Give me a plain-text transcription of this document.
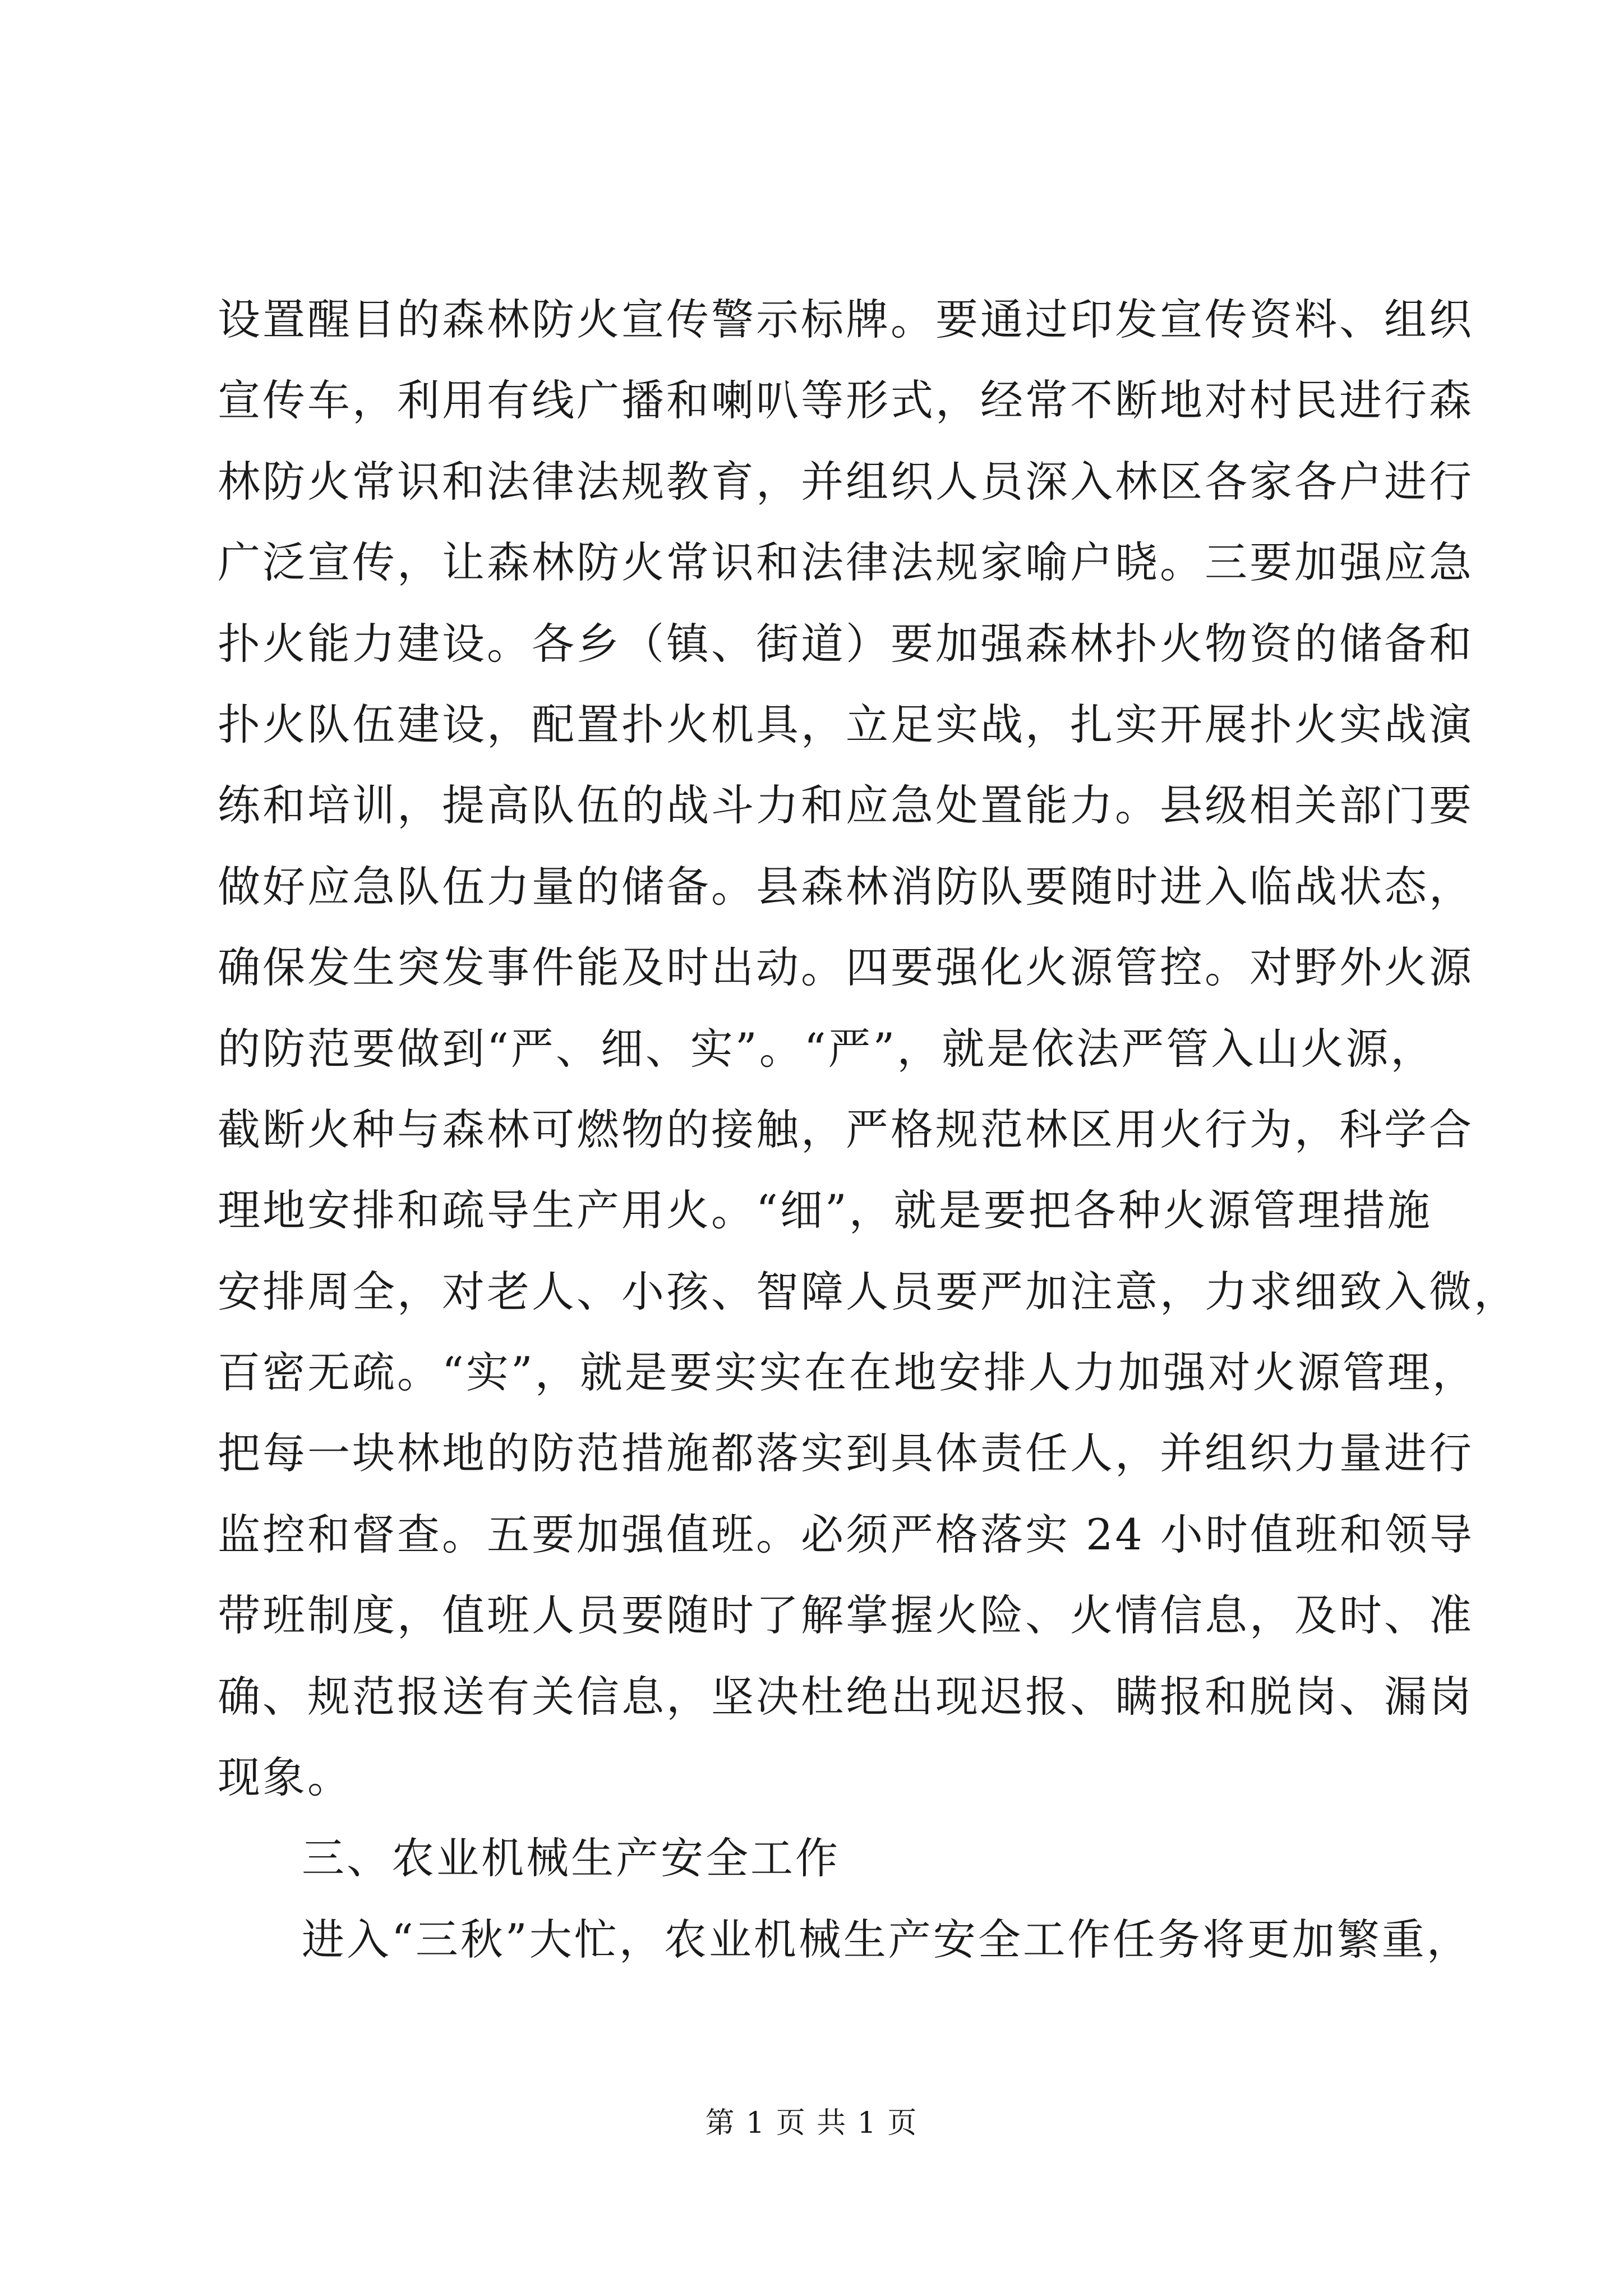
设置醒目的森林防火宣传警示标牌。要通过印发宣传资料、组织
宣传车，利用有线广播和喇叭等形式，经常不断地对村民进行森
林防火常识和法律法规教育，并组织人员深入林区各家各户进行
广泛宣传，让森林防火常识和法律法规家喻户晓。三要加强应急
扑火能力建设。各乡（镇、街道）要加强森林扑火物资的储备和
扑火队伍建设，配置扑火机具，立足实战，扎实开展扑火实战演
练和培训，提高队伍的战斗力和应急处置能力。县级相关部门要
做好应急队伍力量的储备。县森林消防队要随时进入临战状态，
确保发生突发事件能及时出动。四要强化火源管控。对野外火源
的防范要做到“严、细、实”。“严”，就是依法严管入山火源，
截断火种与森林可燃物的接触，严格规范林区用火行为，科学合
理地安排和疏导生产用火。“细”，就是要把各种火源管理措施
安排周全，对老人、小孩、智障人员要严加注意，力求细致入微，
百密无疏。“实”，就是要实实在在地安排人力加强对火源管理，
把每一块林地的防范措施都落实到具体责任人，并组织力量进行
监控和督查。五要加强值班。必须严格落实 24 小时值班和领导
带班制度，值班人员要随时了解掌握火险、火情信息，及时、准
确、规范报送有关信息，坚决杜绝出现迟报、瞒报和脱岗、漏岗
现象。
三、农业机械生产安全工作
进入“三秋”大忙，农业机械生产安全工作任务将更加繁重，
第 1 页 共 1 页
